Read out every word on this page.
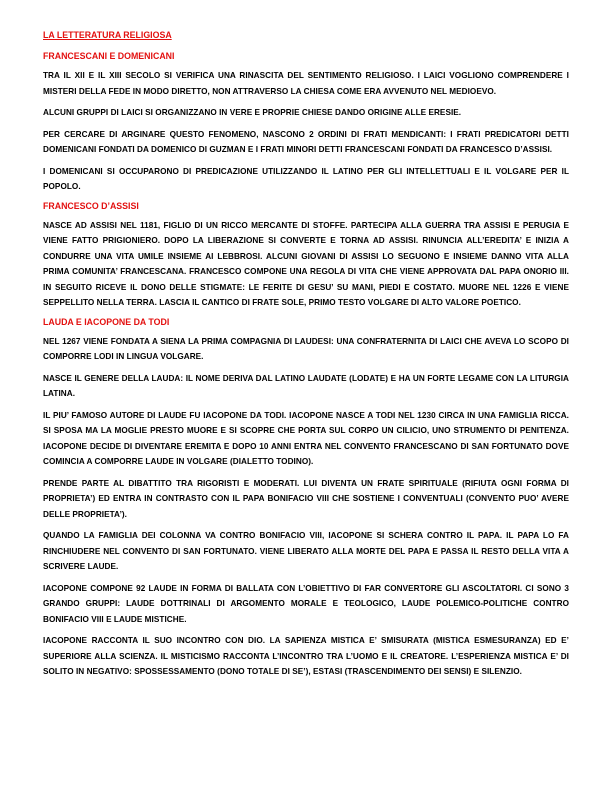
LA LETTERATURA RELIGIOSA
FRANCESCANI E DOMENICANI

TRA IL XII E IL XIII SECOLO SI VERIFICA UNA RINASCITA DEL SENTIMENTO RELIGIOSO. I LAICI VOGLIONO COMPRENDERE I MISTERI DELLA FEDE IN MODO DIRETTO, NON ATTRAVERSO LA CHIESA COME ERA AVVENUTO NEL MEDIOEVO.

ALCUNI GRUPPI DI LAICI SI ORGANIZZANO IN VERE E PROPRIE CHIESE DANDO ORIGINE ALLE ERESIE.

PER CERCARE DI ARGINARE QUESTO FENOMENO, NASCONO 2 ORDINI DI FRATI MENDICANTI: I FRATI PREDICATORI DETTI DOMENICANI FONDATI DA DOMENICO DI GUZMAN E I FRATI MINORI DETTI FRANCESCANI FONDATI DA FRANCESCO D’ASSISI.

I DOMENICANI SI OCCUPARONO DI PREDICAZIONE UTILIZZANDO IL LATINO PER GLI INTELLETTUALI E IL VOLGARE PER IL POPOLO.

FRANCESCO D’ASSISI

NASCE AD ASSISI NEL 1181, FIGLIO DI UN RICCO MERCANTE DI STOFFE. PARTECIPA ALLA GUERRA TRA ASSISI E PERUGIA E VIENE FATTO PRIGIONIERO. DOPO LA LIBERAZIONE SI CONVERTE E TORNA AD ASSISI. RINUNCIA ALL’EREDITA’ E INIZIA A CONDURRE UNA VITA UMILE INSIEME AI LEBBROSI. ALCUNI GIOVANI DI ASSISI LO SEGUONO E INSIEME DANNO VITA ALLA PRIMA COMUNITA’ FRANCESCANA. FRANCESCO COMPONE UNA REGOLA DI VITA CHE VIENE APPROVATA DAL PAPA ONORIO III. IN SEGUITO RICEVE IL DONO DELLE STIGMATE: LE FERITE DI GESU’ SU MANI, PIEDI E COSTATO. MUORE NEL 1226 E VIENE SEPPELLITO NELLA TERRA. LASCIA IL CANTICO DI FRATE SOLE, PRIMO TESTO VOLGARE DI ALTO VALORE POETICO.

LAUDA E IACOPONE DA TODI

NEL 1267 VIENE FONDATA A SIENA LA PRIMA COMPAGNIA DI LAUDESI: UNA CONFRATERNITA DI LAICI CHE AVEVA LO SCOPO DI COMPORRE LODI IN LINGUA VOLGARE.

NASCE IL GENERE DELLA LAUDA: IL NOME DERIVA DAL LATINO LAUDATE (LODATE) E HA UN FORTE LEGAME CON LA LITURGIA LATINA.

IL PIU’ FAMOSO AUTORE DI LAUDE FU IACOPONE DA TODI. IACOPONE NASCE A TODI NEL 1230 CIRCA IN UNA FAMIGLIA RICCA. SI SPOSA MA LA MOGLIE PRESTO MUORE E SI SCOPRE CHE PORTA SUL CORPO UN CILICIO, UNO STRUMENTO DI PENITENZA. IACOPONE DECIDE DI DIVENTARE EREMITA E DOPO 10 ANNI ENTRA NEL CONVENTO FRANCESCANO DI SAN FORTUNATO DOVE COMINCIA A COMPORRE LAUDE IN VOLGARE (DIALETTO TODINO).

PRENDE PARTE AL DIBATTITO TRA RIGORISTI E MODERATI. LUI DIVENTA UN FRATE SPIRITUALE (RIFIUTA OGNI FORMA DI PROPRIETA’) ED ENTRA IN CONTRASTO CON IL PAPA BONIFACIO VIII CHE SOSTIENE I CONVENTUALI (CONVENTO PUO’ AVERE DELLE PROPRIETA’).

QUANDO LA FAMIGLIA DEI COLONNA VA CONTRO BONIFACIO VIII, IACOPONE SI SCHERA CONTRO IL PAPA. IL PAPA LO FA RINCHIUDERE NEL CONVENTO DI SAN FORTUNATO. VIENE LIBERATO ALLA MORTE DEL PAPA E PASSA IL RESTO DELLA VITA A SCRIVERE LAUDE.

IACOPONE COMPONE 92 LAUDE IN FORMA DI BALLATA CON L’OBIETTIVO DI FAR CONVERTORE GLI ASCOLTATORI. CI SONO 3 GRANDO GRUPPI: LAUDE DOTTRINALI DI ARGOMENTO MORALE E TEOLOGICO, LAUDE POLEMICO-POLITICHE CONTRO BONIFACIO VIII E LAUDE MISTICHE.

IACOPONE RACCONTA IL SUO INCONTRO CON DIO. LA SAPIENZA MISTICA E’ SMISURATA (MISTICA ESMESURANZA) ED E’ SUPERIORE ALLA SCIENZA. IL MISTICISMO RACCONTA L’INCONTRO TRA L’UOMO E IL CREATORE. L’ESPERIENZA MISTICA E’ DI SOLITO IN NEGATIVO: SPOSSESSAMENTO (DONO TOTALE DI SE’), ESTASI (TRASCENDIMENTO DEI SENSI) E SILENZIO.
